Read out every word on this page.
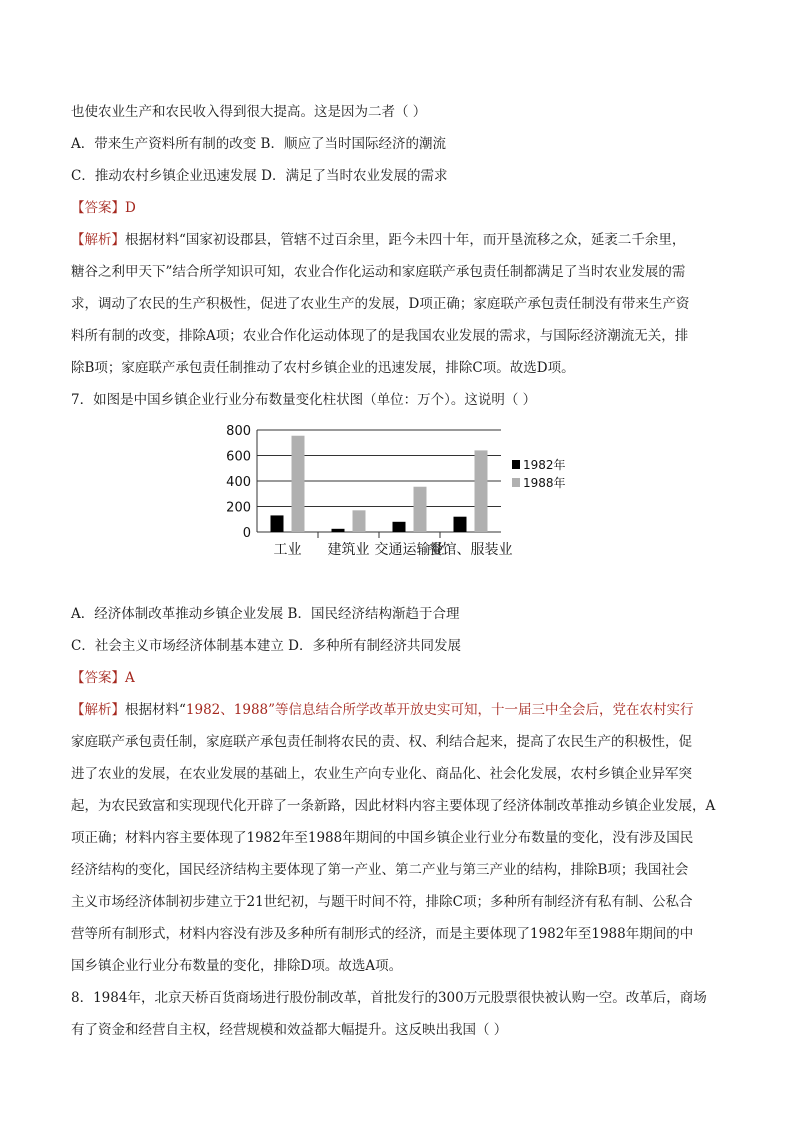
也使农业生产和农民收入得到很大提高。这是因为二者（ ）
A．带来生产资料所有制的改变 B．顺应了当时国际经济的潮流
C．推动农村乡镇企业迅速发展 D．满足了当时农业发展的需求
【答案】D
【解析】根据材料“国家初设郡县，管辖不过百余里，距今未四十年，而开垦流移之众，延袤二千余里，
糖谷之利甲天下”结合所学知识可知，农业合作化运动和家庭联产承包责任制都满足了当时农业发展的需
求，调动了农民的生产积极性，促进了农业生产的发展，D项正确；家庭联产承包责任制没有带来生产资
料所有制的改变，排除A项；农业合作化运动体现了的是我国农业发展的需求，与国际经济潮流无关，排
除B项；家庭联产承包责任制推动了农村乡镇企业的迅速发展，排除C项。故选D项。
7．如图是中国乡镇企业行业分布数量变化柱状图（单位：万个）。这说明（ ）
0
200
400
600
800
工业 建筑业 交通运输业
餐馆、服装业
1982年
1988年
A．经济体制改革推动乡镇企业发展 B．国民经济结构渐趋于合理
C．社会主义市场经济体制基本建立 D．多种所有制经济共同发展
【答案】A
【解析】根据材料“1982、1988”等信息结合所学改革开放史实可知，十一届三中全会后，党在农村实行
家庭联产承包责任制，家庭联产承包责任制将农民的责、权、利结合起来，提高了农民生产的积极性，促
进了农业的发展，在农业发展的基础上，农业生产向专业化、商品化、社会化发展，农村乡镇企业异军突
起，为农民致富和实现现代化开辟了一条新路，因此材料内容主要体现了经济体制改革推动乡镇企业发展，A
项正确；材料内容主要体现了1982年至1988年期间的中国乡镇企业行业分布数量的变化，没有涉及国民
经济结构的变化，国民经济结构主要体现了第一产业、第二产业与第三产业的结构，排除B项；我国社会
主义市场经济体制初步建立于21世纪初，与题干时间不符，排除C项；多种所有制经济有私有制、公私合
营等所有制形式，材料内容没有涉及多种所有制形式的经济，而是主要体现了1982年至1988年期间的中
国乡镇企业行业分布数量的变化，排除D项。故选A项。
8．1984年，北京天桥百货商场进行股份制改革，首批发行的300万元股票很快被认购一空。改革后，商场
有了资金和经营自主权，经营规模和效益都大幅提升。这反映出我国（ ）
